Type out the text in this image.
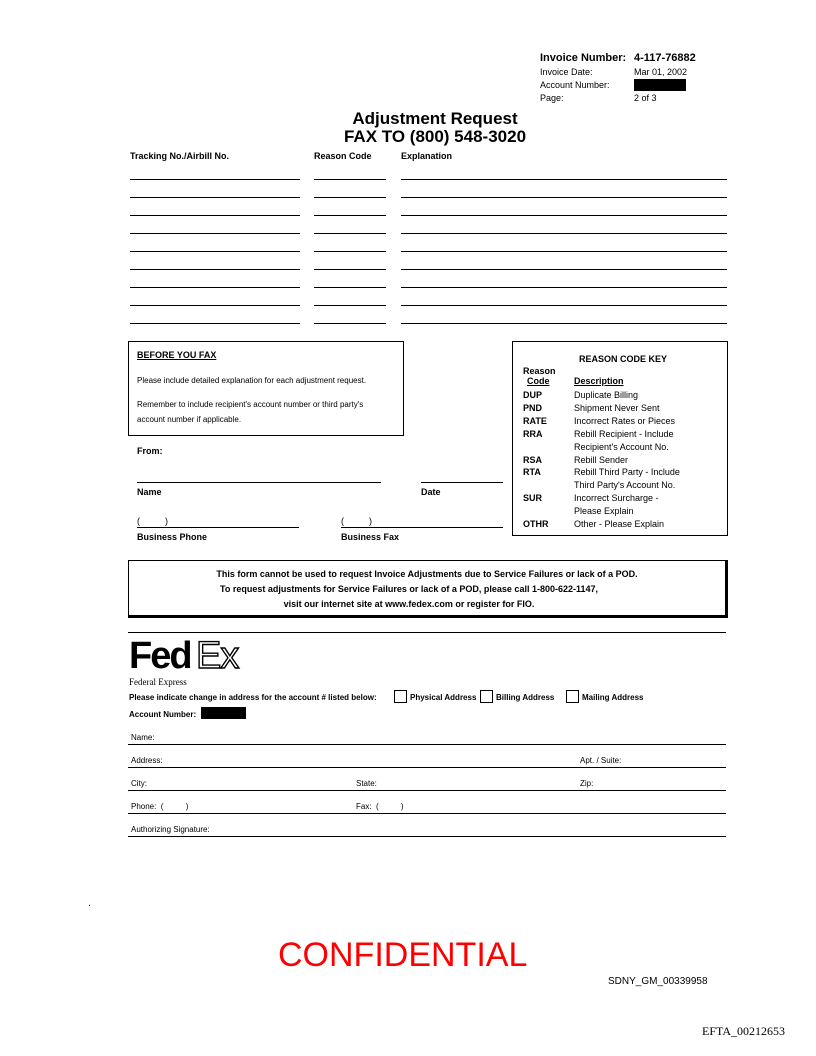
Invoice Number: 4-117-76882
Invoice Date:	Mar 01, 2002
Account Number:
Page:	2 of 3
Adjustment Request
FAX TO (800) 548-3020
Tracking No./Airbill No.	Reason Code	Explanation
BEFORE YOU FAX
Please include detailed explanation for each adjustment request.
Remember to include recipient's account number or third party's
account number if applicable.
From:
Name	Date
(          )	(          )
Business Phone	Business Fax
REASON CODE KEY
Reason
Code	Description
DUP	Duplicate Billing
PND	Shipment Never Sent
RATE	Incorrect Rates or Pieces
RRA	Rebill Recipient - Include
Recipient's Account No.
RSA	Rebill Sender
RTA	Rebill Third Party - Include
Third Party's Account No.
SUR	Incorrect Surcharge -
Please Explain
OTHR	Other - Please Explain
This form cannot be used to request Invoice Adjustments due to Service Failures or lack of a POD.
To request adjustments for Service Failures or lack of a POD, please call 1-800-622-1147,
visit our internet site at www.fedex.com or register for FIO.
Fed Ex
Federal Express
Please indicate change in address for the account # listed below:	Physical Address Billing Address	Mailing Address
Account Number:
Name:
Address:	Apt. / Suite:
City:	State:	Zip:
Phone:  (          )	Fax:  (          )
Authorizing Signature:
.
CONFIDENTIAL
SDNY_GM_00339958
EFTA_00212653
